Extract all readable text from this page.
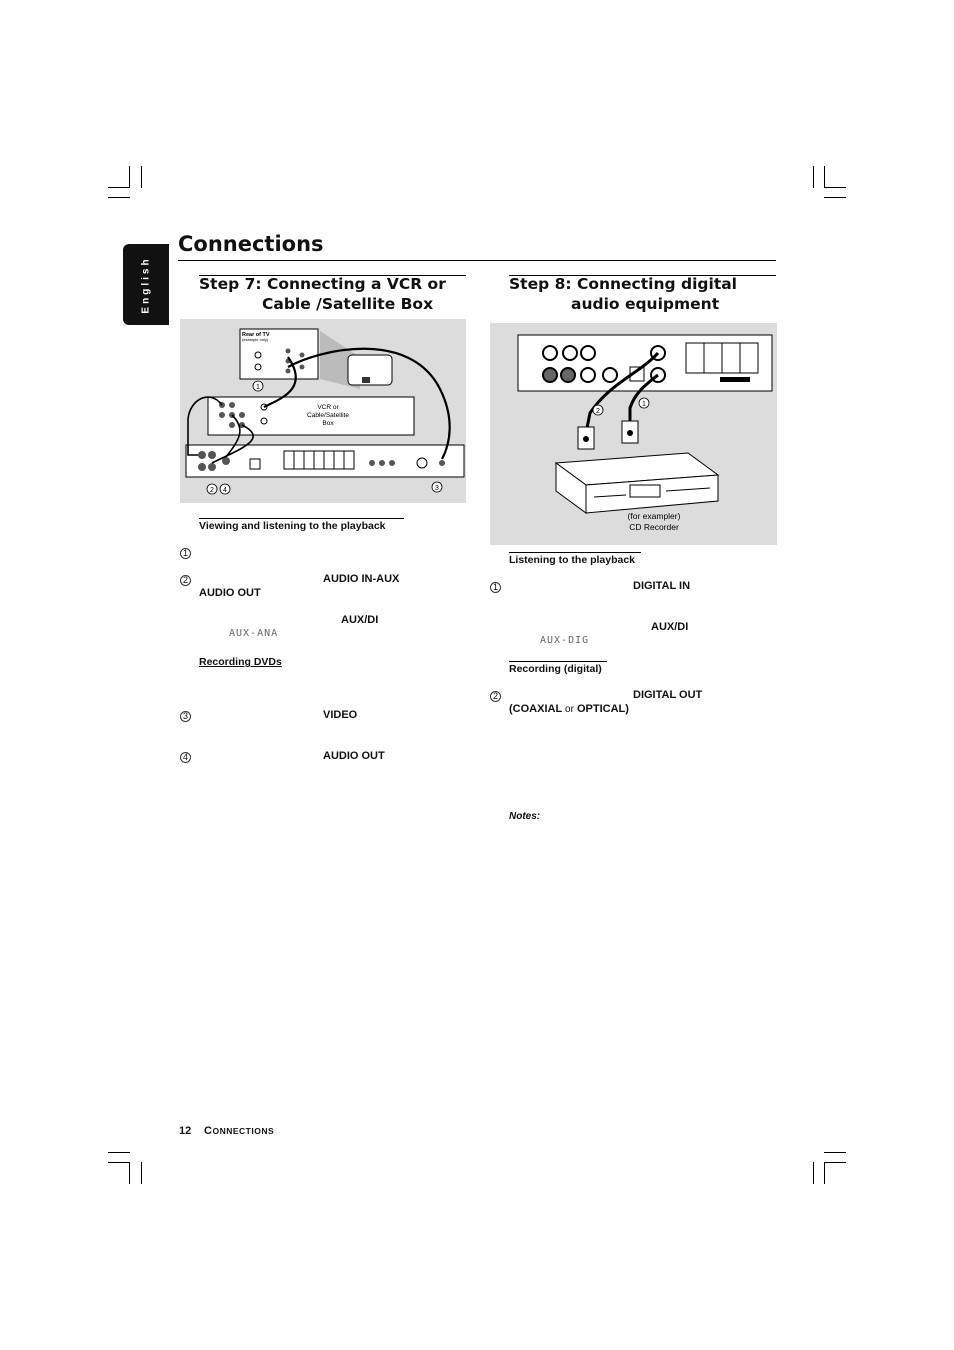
English
Connections
Step 7: Connecting a VCR or
Cable /Satellite Box
Rear of TV
(example only)
VCR or
Cable/Satellite
Box
1
2 4	3
Viewing and listening to the playback
1
2	AUDIO IN-AUX
AUDIO OUT
AUX/DI
AUX-ANA
Recording DVDs
3	VIDEO
4	AUDIO OUT
Step 8: Connecting digital
audio equipment
(for exampler)
CD Recorder
2
1
Listening to the playback
1	DIGITAL IN
AUX/DI
AUX-DIG
Recording (digital)
2	DIGITAL OUT
(COAXIAL or OPTICAL)
Notes:
12 CONNECTIONS
